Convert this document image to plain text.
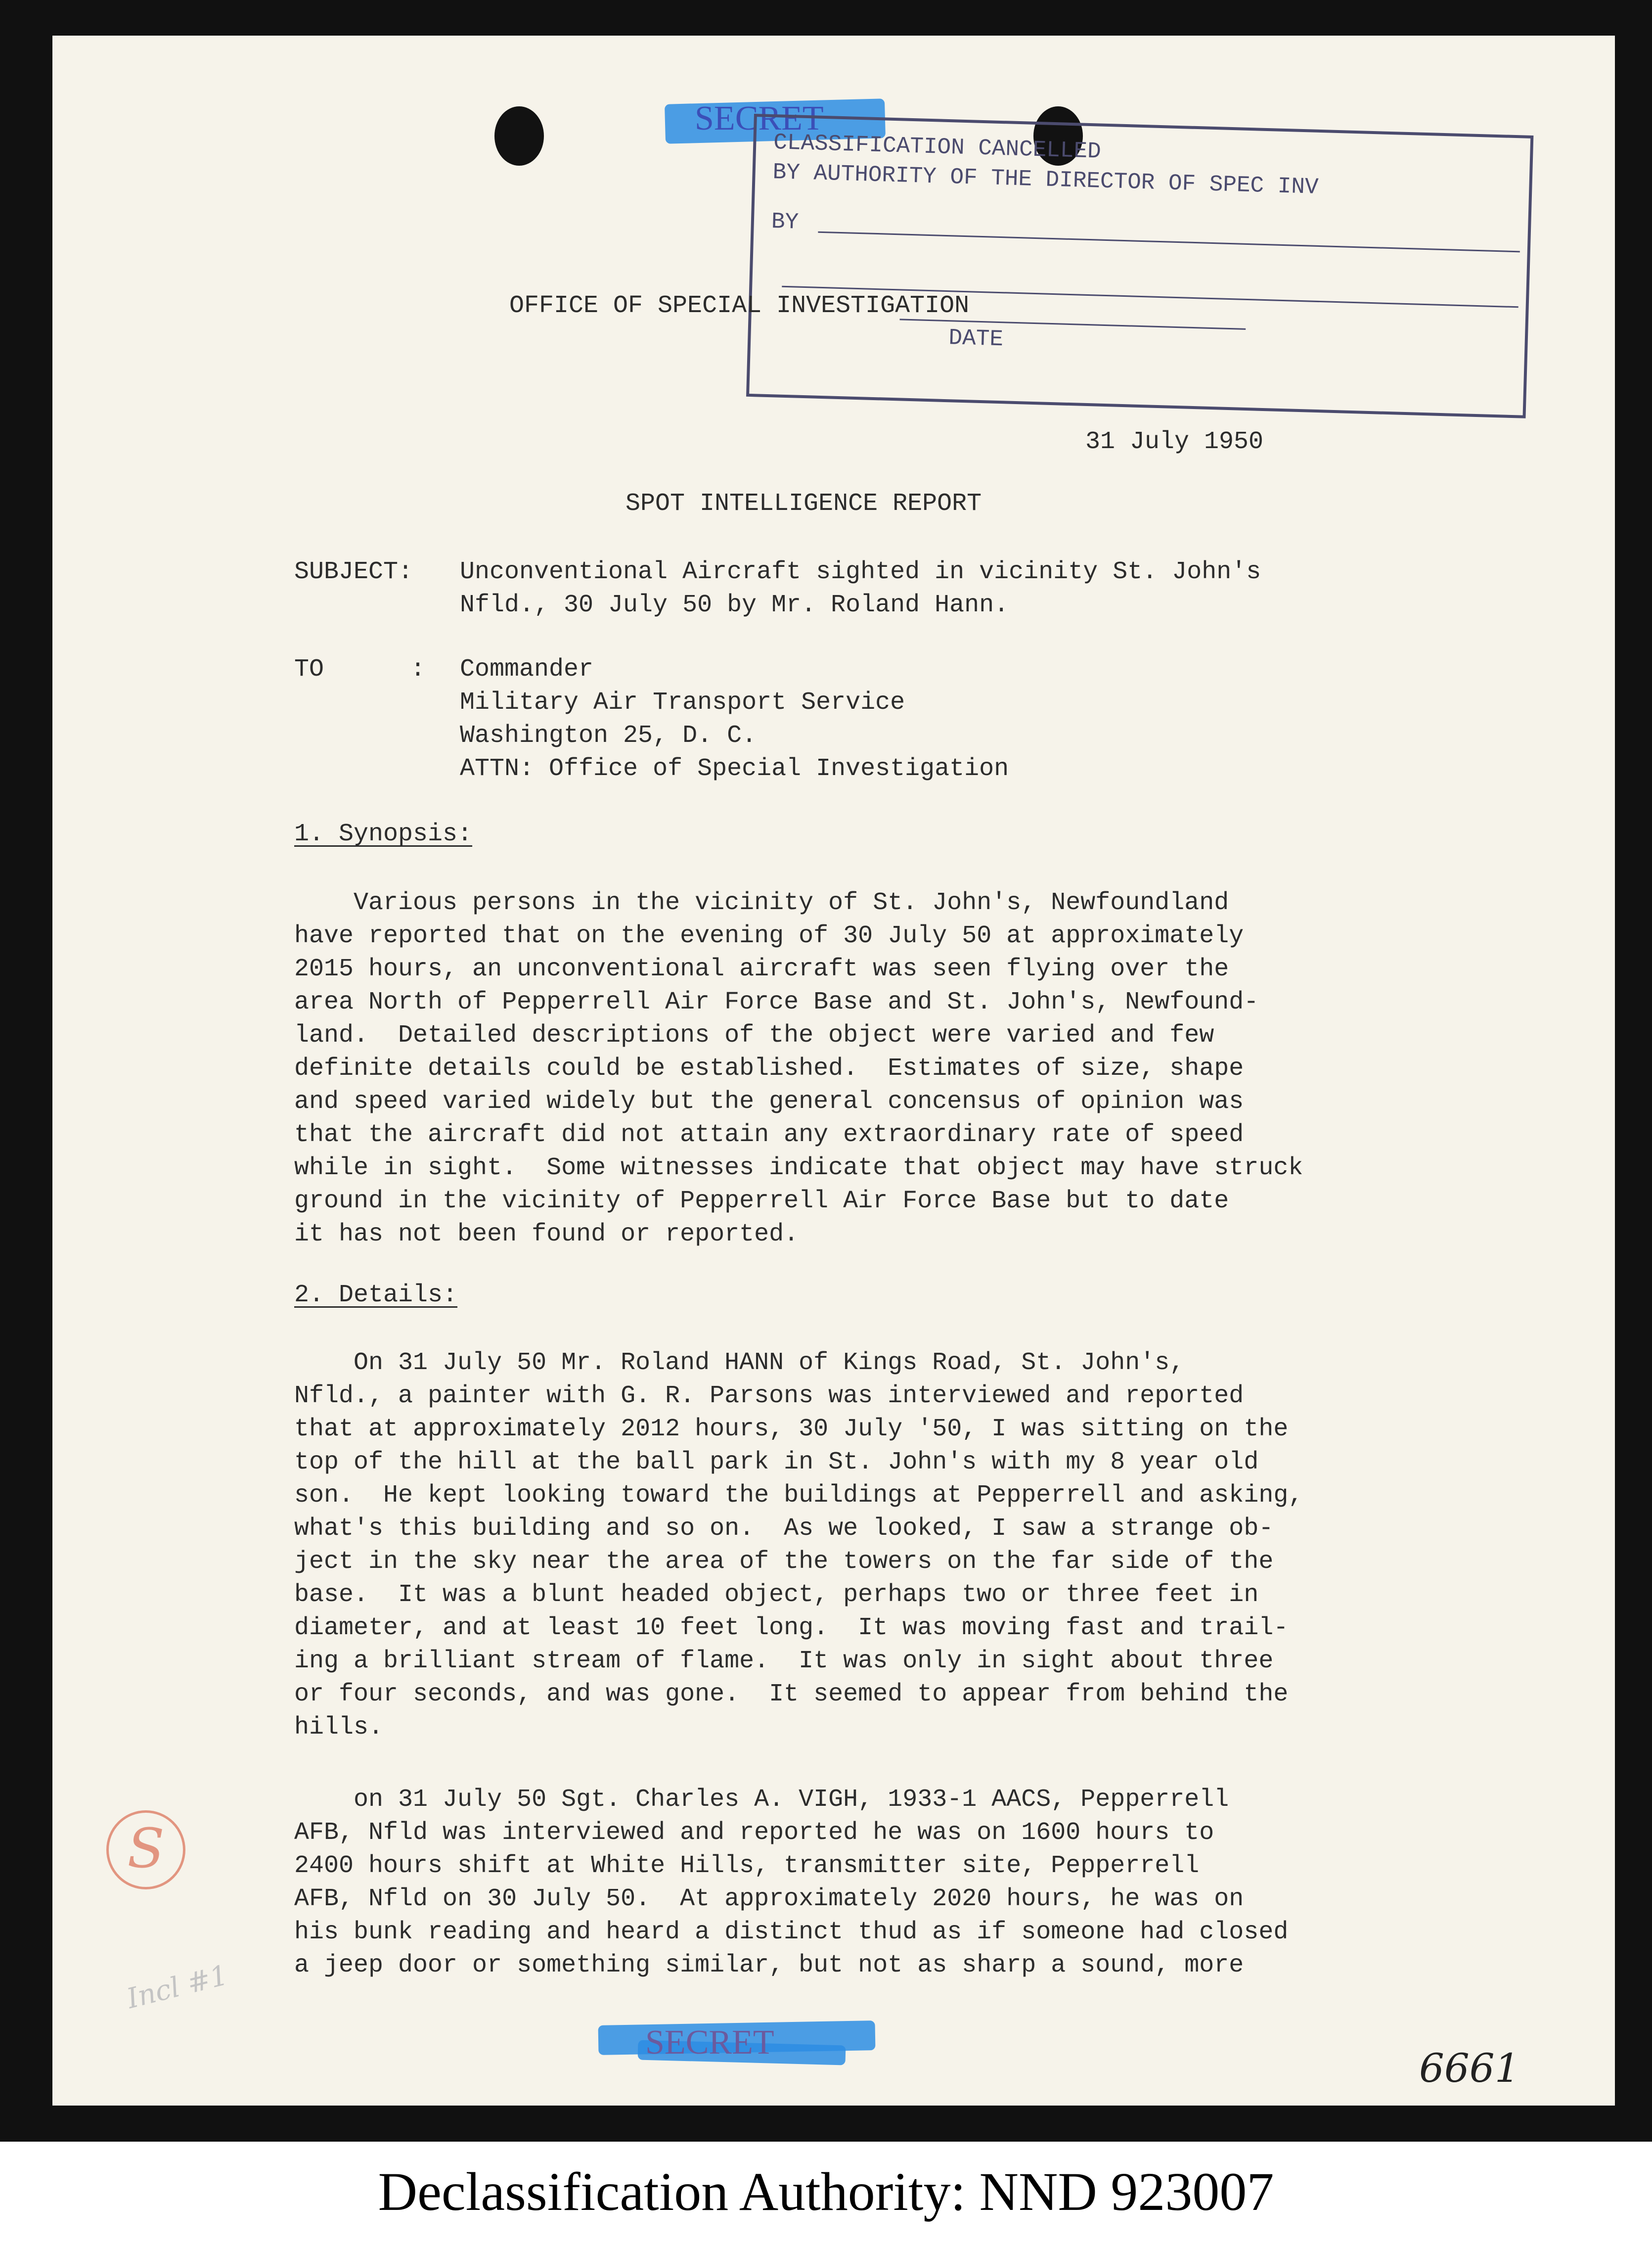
SECRET
CLASSIFICATION CANCELLED
BY AUTHORITY OF THE DIRECTOR OF SPEC INV
BY
DATE
OFFICE OF SPECIAL INVESTIGATION
31 July 1950
SPOT INTELLIGENCE REPORT
SUBJECT: Unconventional Aircraft sighted in vicinity St. John's
Nfld., 30 July 50 by Mr. Roland Hann.
TO	: Commander
Military Air Transport Service
Washington 25, D. C.
ATTN: Office of Special Investigation
1. Synopsis:
Various persons in the vicinity of St. John's, Newfoundland
have reported that on the evening of 30 July 50 at approximately
2015 hours, an unconventional aircraft was seen flying over the
area North of Pepperrell Air Force Base and St. John's, Newfound-
land.  Detailed descriptions of the object were varied and few
definite details could be established.  Estimates of size, shape
and speed varied widely but the general concensus of opinion was
that the aircraft did not attain any extraordinary rate of speed
while in sight.  Some witnesses indicate that object may have struck
ground in the vicinity of Pepperrell Air Force Base but to date
it has not been found or reported.
2. Details:
On 31 July 50 Mr. Roland HANN of Kings Road, St. John's,
Nfld., a painter with G. R. Parsons was interviewed and reported
that at approximately 2012 hours, 30 July '50, I was sitting on the
top of the hill at the ball park in St. John's with my 8 year old
son.  He kept looking toward the buildings at Pepperrell and asking,
what's this building and so on.  As we looked, I saw a strange ob-
ject in the sky near the area of the towers on the far side of the
base.  It was a blunt headed object, perhaps two or three feet in
diameter, and at least 10 feet long.  It was moving fast and trail-
ing a brilliant stream of flame.  It was only in sight about three
or four seconds, and was gone.  It seemed to appear from behind the
hills.
on 31 July 50 Sgt. Charles A. VIGH, 1933-1 AACS, Pepperrell
AFB, Nfld was interviewed and reported he was on 1600 hours to
2400 hours shift at White Hills, transmitter site, Pepperrell
AFB, Nfld on 30 July 50.  At approximately 2020 hours, he was on
his bunk reading and heard a distinct thud as if someone had closed
a jeep door or something similar, but not as sharp a sound, more
S
Incl #1
SECRET
6661
Declassification Authority: NND 923007
